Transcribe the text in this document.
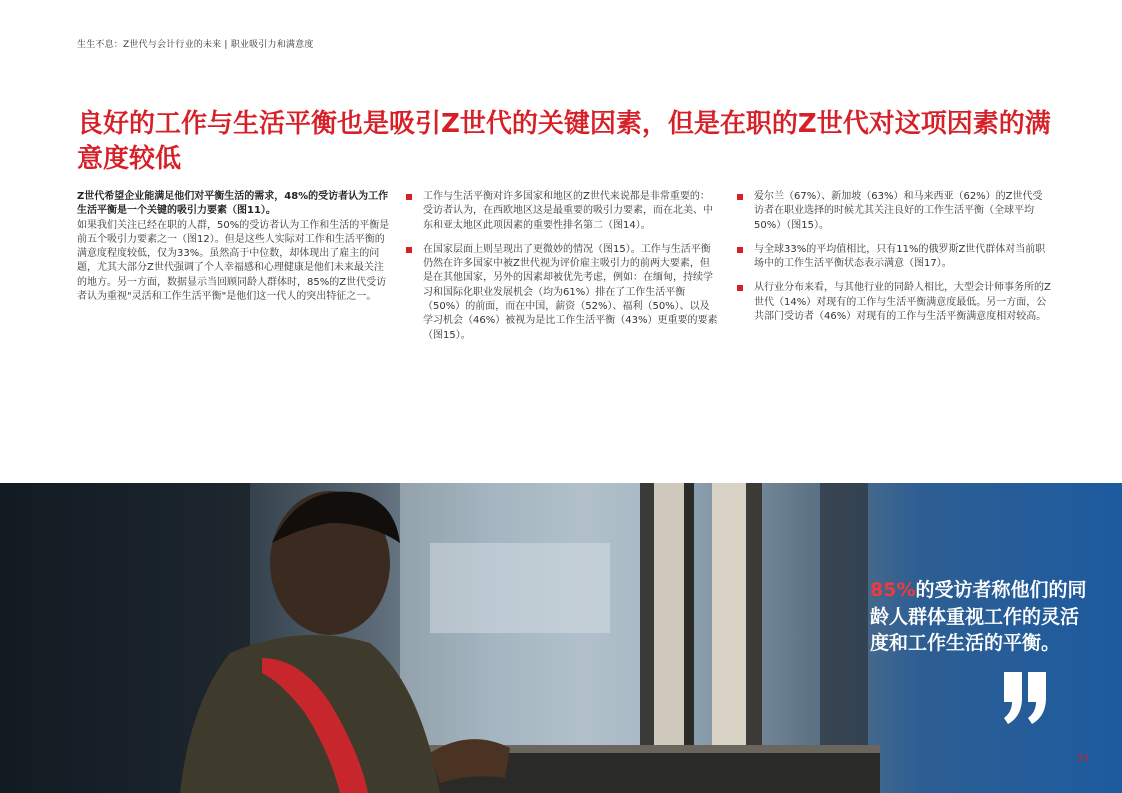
生生不息：Z世代与会计行业的未来 | 职业吸引力和满意度
良好的工作与生活平衡也是吸引Z世代的关键因素，但是在职的Z世代对这项因素的满意度较低

Z世代希望企业能满足他们对平衡生活的需求，48%的受访者认为工作生活平衡是一个关键的吸引力要素（图11）。

如果我们关注已经在职的人群，50%的受访者认为工作和生活的平衡是前五个吸引力要素之一（图12）。但是这些人实际对工作和生活平衡的满意度程度较低，仅为33%。虽然高于中位数，却体现出了雇主的问题，尤其大部分Z世代强调了个人幸福感和心理健康是他们未来最关注的地方。另一方面，数据显示当回顾同龄人群体时，85%的Z世代受访者认为重视"灵活和工作生活平衡"是他们这一代人的突出特征之一。

工作与生活平衡对许多国家和地区的Z世代来说都是非常重要的：受访者认为，在西欧地区这是最重要的吸引力要素，而在北美、中东和亚太地区此项因素的重要性排名第二（图14）。
在国家层面上则呈现出了更微妙的情况（图15）。工作与生活平衡仍然在许多国家中被Z世代视为评价雇主吸引力的前两大要素，但是在其他国家，另外的因素却被优先考虑，例如：在缅甸，持续学习和国际化职业发展机会（均为61%）排在了工作生活平衡（50%）的前面，而在中国，薪资（52%）、福利（50%）、以及学习机会（46%）被视为是比工作生活平衡（43%）更重要的要素（图15）。
爱尔兰（67%）、新加坡（63%）和马来西亚（62%）的Z世代受访者在职业选择的时候尤其关注良好的工作生活平衡（全球平均50%）（图15）。
与全球33%的平均值相比，只有11%的俄罗斯Z世代群体对当前职场中的工作生活平衡状态表示满意（图17）。
从行业分布来看，与其他行业的同龄人相比，大型会计师事务所的Z世代（14%）对现有的工作与生活平衡满意度最低。另一方面，公共部门受访者（46%）对现有的工作与生活平衡满意度相对较高。
85%的受访者称他们的同龄人群体重视工作的灵活度和工作生活的平衡。
53
